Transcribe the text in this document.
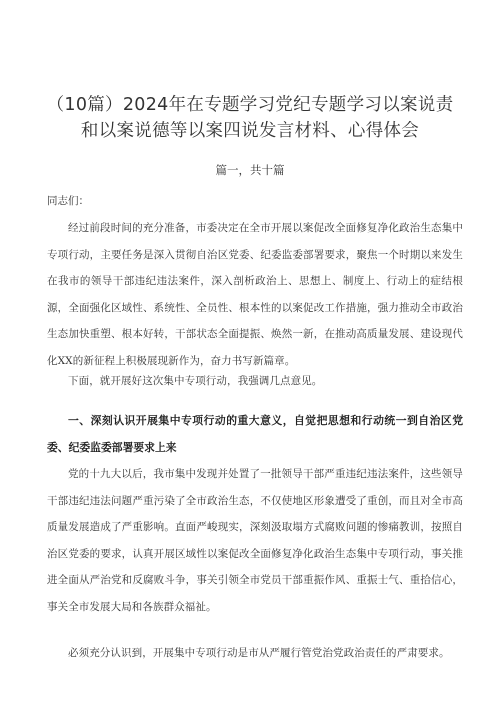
（10篇）2024年在专题学习党纪专题学习以案说责和以案说德等以案四说发言材料、心得体会
篇一，共十篇
同志们：

经过前段时间的充分准备，市委决定在全市开展以案促改全面修复净化政治生态集中专项行动，主要任务是深入贯彻自治区党委、纪委监委部署要求，聚焦一个时期以来发生在我市的领导干部违纪违法案件，深入剖析政治上、思想上、制度上、行动上的症结根源，全面强化区域性、系统性、全员性、根本性的以案促改工作措施，强力推动全市政治生态加快重塑、根本好转，干部状态全面提振、焕然一新，在推动高质量发展、建设现代化XX的新征程上积极展现新作为，奋力书写新篇章。

下面，就开展好这次集中专项行动，我强调几点意见。

一、深刻认识开展集中专项行动的重大意义，自觉把思想和行动统一到自治区党委、纪委监委部署要求上来

党的十九大以后，我市集中发现并处置了一批领导干部严重违纪违法案件，这些领导干部违纪违法问题严重污染了全市政治生态，不仅使地区形象遭受了重创，而且对全市高质量发展造成了严重影响。直面严峻现实，深刻汲取塌方式腐败问题的惨痛教训，按照自治区党委的要求，认真开展区域性以案促改全面修复净化政治生态集中专项行动，事关推进全面从严治党和反腐败斗争，事关引领全市党员干部重振作风、重振士气、重拾信心，事关全市发展大局和各族群众福祉。

必须充分认识到，开展集中专项行动是市从严履行管党治党政治责任的严肃要求。
